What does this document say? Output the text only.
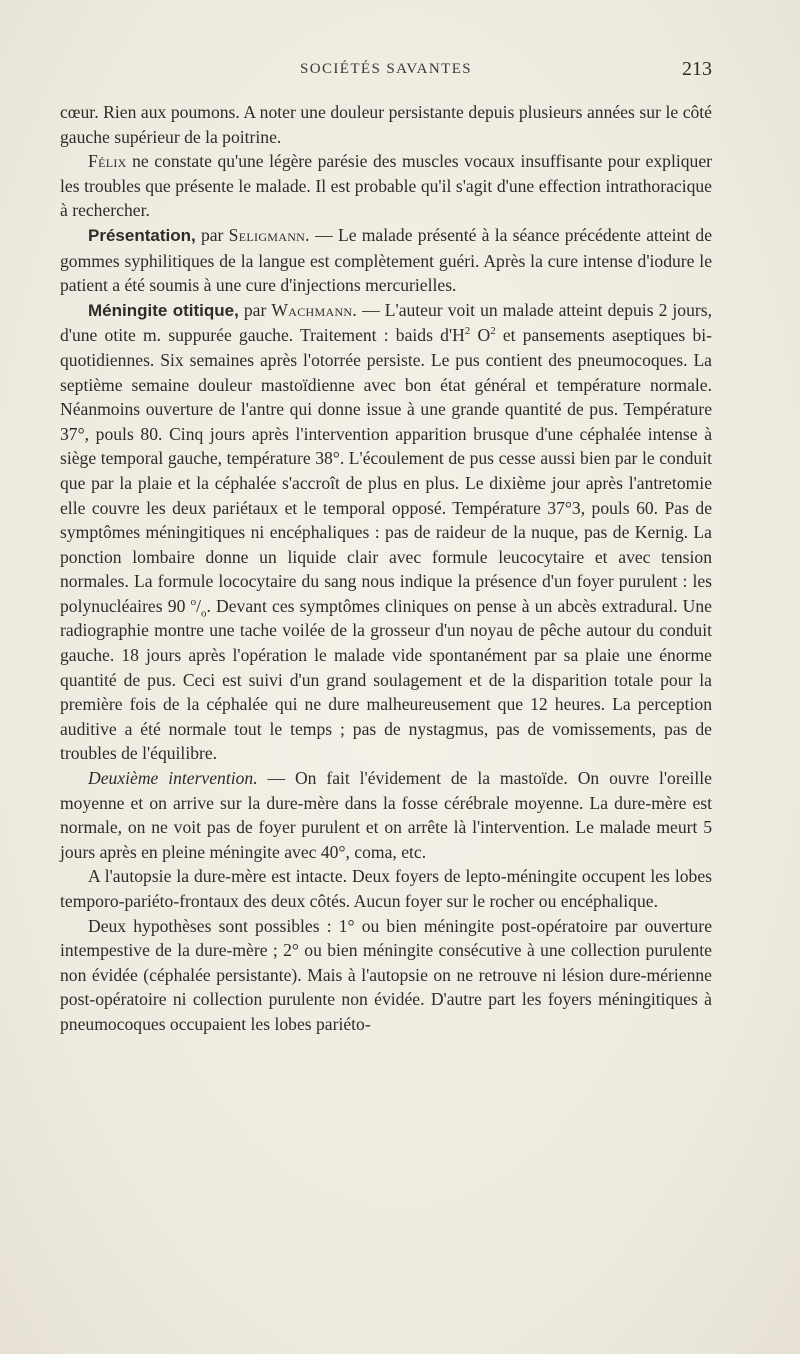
SOCIÉTÉS SAVANTES	213

cœur. Rien aux poumons. A noter une douleur persistante depuis plusieurs années sur le côté gauche supérieur de la poitrine.

Félix ne constate qu'une légère parésie des muscles vocaux insuffisante pour expliquer les troubles que présente le malade. Il est probable qu'il s'agit d'une effection intrathoracique à rechercher.

Présentation, par Seligmann. — Le malade présenté à la séance précédente atteint de gommes syphilitiques de la langue est complètement guéri. Après la cure intense d'iodure le patient a été soumis à une cure d'injections mercurielles.

Méningite otitique, par Wachmann. — L'auteur voit un malade atteint depuis 2 jours, d'une otite m. suppurée gauche. Traitement : baids $d'H^2$ $O^2$ et pansements aseptiques bi-quotidiennes. Six semaines après l'otorrée persiste. Le pus contient des pneumocoques. La septième semaine douleur mastoïdienne avec bon état général et température normale. Néanmoins ouverture de l'antre qui donne issue à une grande quantité de pus. Température 37°, pouls 80. Cinq jours après l'intervention apparition brusque d'une céphalée intense à siège temporal gauche, température 38°. L'écoulement de pus cesse aussi bien par le conduit que par la plaie et la céphalée s'accroît de plus en plus. Le dixième jour après l'antretomie elle couvre les deux pariétaux et le temporal opposé. Température 37°3, pouls 60. Pas de symptômes méningitiques ni encéphaliques : pas de raideur de la nuque, pas de Kernig. La ponction lombaire donne un liquide clair avec formule leucocytaire et avec tension normales. La formule lococytaire du sang nous indique la présence d'un foyer purulent : les polynucléaires 90 $^o/_o$. Devant ces symptômes cliniques on pense à un abcès extradural. Une radiographie montre une tache voilée de la grosseur d'un noyau de pêche autour du conduit gauche. 18 jours après l'opération le malade vide spontanément par sa plaie une énorme quantité de pus. Ceci est suivi d'un grand soulagement et de la disparition totale pour la première fois de la céphalée qui ne dure malheureusement que 12 heures. La perception auditive a été normale tout le temps ; pas de nystagmus, pas de vomissements, pas de troubles de l'équilibre.

Deuxième intervention. — On fait l'évidement de la mastoïde. On ouvre l'oreille moyenne et on arrive sur la dure-mère dans la fosse cérébrale moyenne. La dure-mère est normale, on ne voit pas de foyer purulent et on arrête là l'intervention. Le malade meurt 5 jours après en pleine méningite avec 40°, coma, etc.

A l'autopsie la dure-mère est intacte. Deux foyers de lepto-méningite occupent les lobes temporo-pariéto-frontaux des deux côtés. Aucun foyer sur le rocher ou encéphalique.

Deux hypothèses sont possibles : 1° ou bien méningite post-opératoire par ouverture intempestive de la dure-mère ; 2° ou bien méningite consécutive à une collection purulente non évidée (céphalée persistante). Mais à l'autopsie on ne retrouve ni lésion dure-mérienne post-opératoire ni collection purulente non évidée. D'autre part les foyers méningitiques à pneumocoques occupaient les lobes pariéto-
